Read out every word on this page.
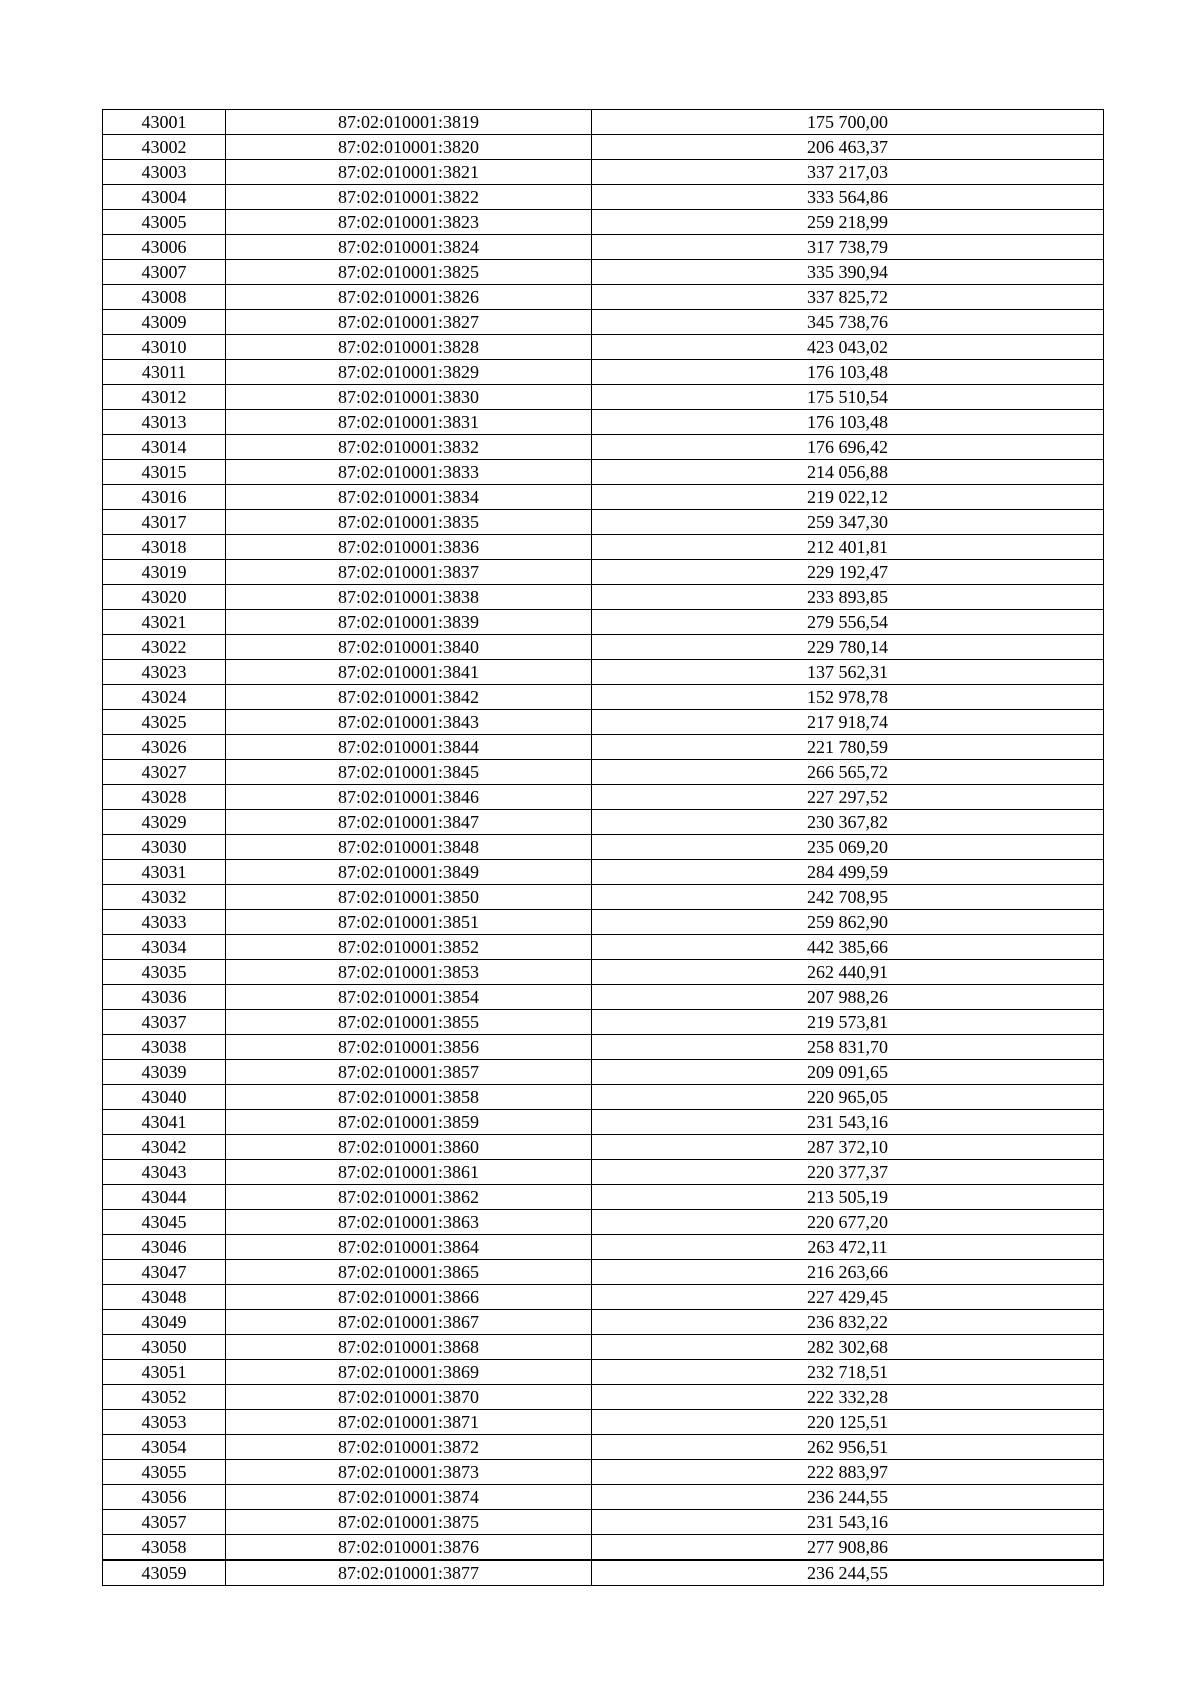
43001	87:02:010001:3819	175 700,00
43002	87:02:010001:3820	206 463,37
43003	87:02:010001:3821	337 217,03
43004	87:02:010001:3822	333 564,86
43005	87:02:010001:3823	259 218,99
43006	87:02:010001:3824	317 738,79
43007	87:02:010001:3825	335 390,94
43008	87:02:010001:3826	337 825,72
43009	87:02:010001:3827	345 738,76
43010	87:02:010001:3828	423 043,02
43011	87:02:010001:3829	176 103,48
43012	87:02:010001:3830	175 510,54
43013	87:02:010001:3831	176 103,48
43014	87:02:010001:3832	176 696,42
43015	87:02:010001:3833	214 056,88
43016	87:02:010001:3834	219 022,12
43017	87:02:010001:3835	259 347,30
43018	87:02:010001:3836	212 401,81
43019	87:02:010001:3837	229 192,47
43020	87:02:010001:3838	233 893,85
43021	87:02:010001:3839	279 556,54
43022	87:02:010001:3840	229 780,14
43023	87:02:010001:3841	137 562,31
43024	87:02:010001:3842	152 978,78
43025	87:02:010001:3843	217 918,74
43026	87:02:010001:3844	221 780,59
43027	87:02:010001:3845	266 565,72
43028	87:02:010001:3846	227 297,52
43029	87:02:010001:3847	230 367,82
43030	87:02:010001:3848	235 069,20
43031	87:02:010001:3849	284 499,59
43032	87:02:010001:3850	242 708,95
43033	87:02:010001:3851	259 862,90
43034	87:02:010001:3852	442 385,66
43035	87:02:010001:3853	262 440,91
43036	87:02:010001:3854	207 988,26
43037	87:02:010001:3855	219 573,81
43038	87:02:010001:3856	258 831,70
43039	87:02:010001:3857	209 091,65
43040	87:02:010001:3858	220 965,05
43041	87:02:010001:3859	231 543,16
43042	87:02:010001:3860	287 372,10
43043	87:02:010001:3861	220 377,37
43044	87:02:010001:3862	213 505,19
43045	87:02:010001:3863	220 677,20
43046	87:02:010001:3864	263 472,11
43047	87:02:010001:3865	216 263,66
43048	87:02:010001:3866	227 429,45
43049	87:02:010001:3867	236 832,22
43050	87:02:010001:3868	282 302,68
43051	87:02:010001:3869	232 718,51
43052	87:02:010001:3870	222 332,28
43053	87:02:010001:3871	220 125,51
43054	87:02:010001:3872	262 956,51
43055	87:02:010001:3873	222 883,97
43056	87:02:010001:3874	236 244,55
43057	87:02:010001:3875	231 543,16
43058	87:02:010001:3876	277 908,86
43059	87:02:010001:3877	236 244,55
